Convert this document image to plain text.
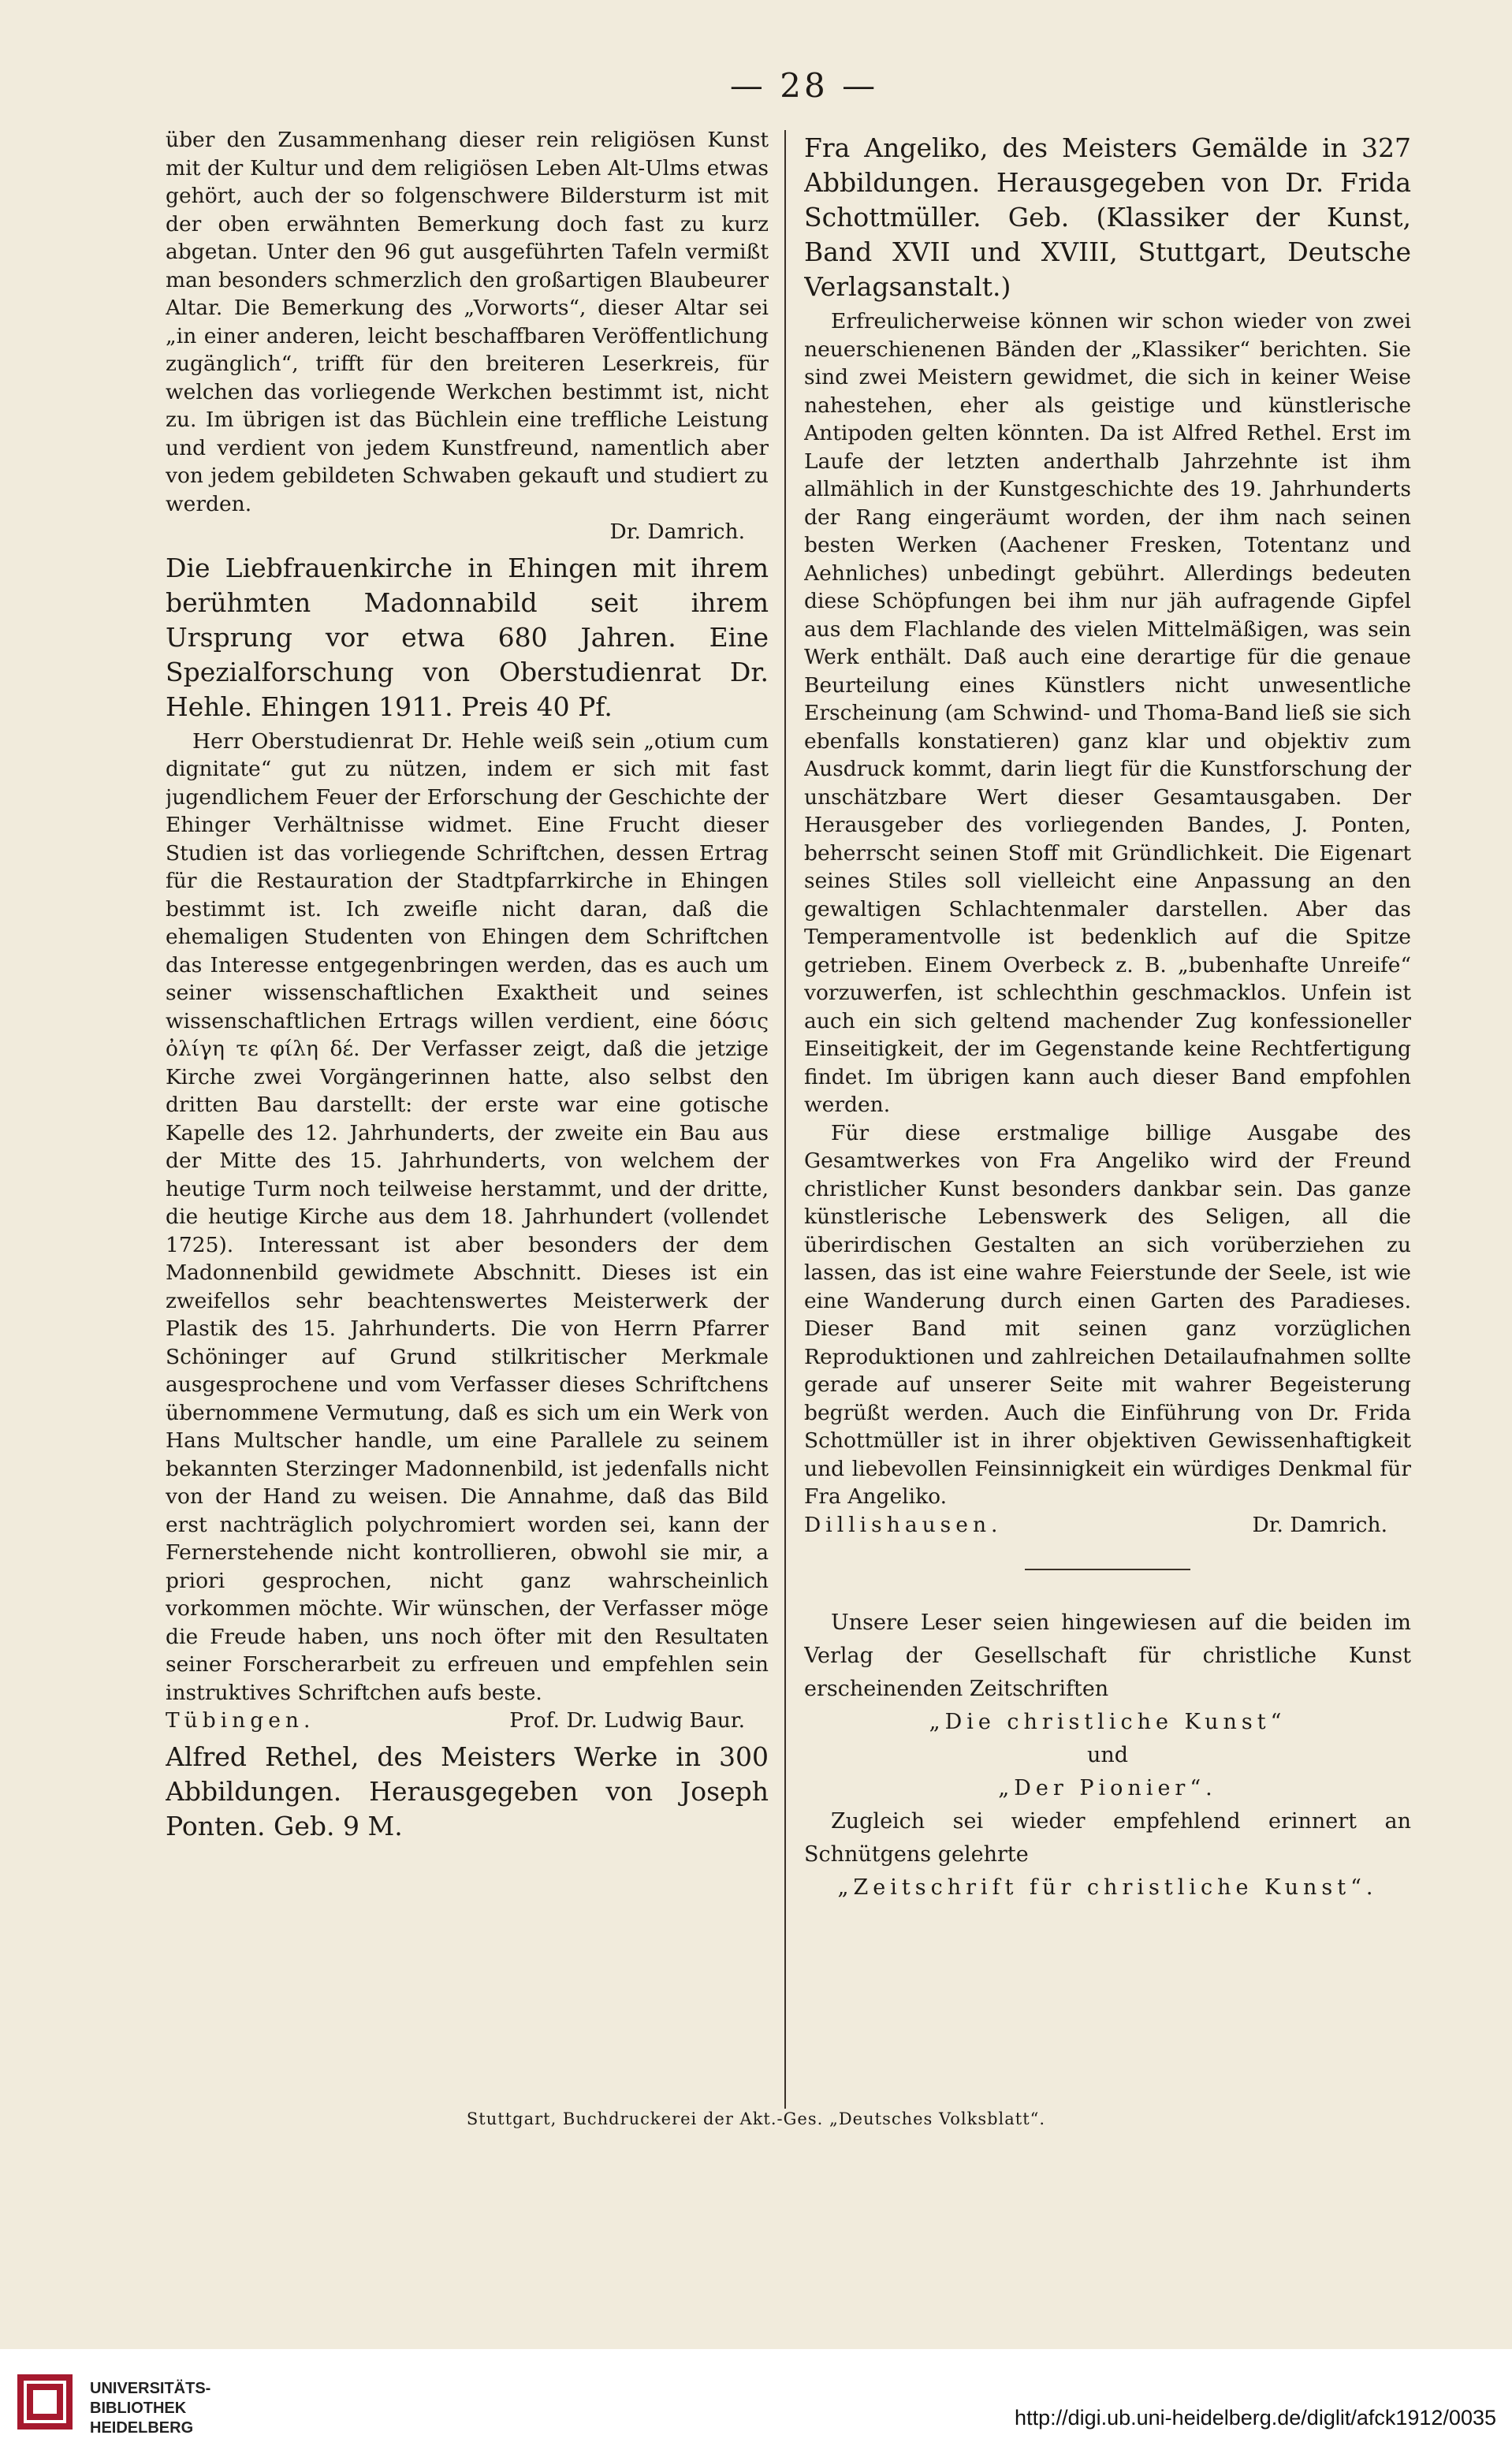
— 28 —

über den Zusammenhang dieser rein religiösen Kunst mit der Kultur und dem religiösen Leben Alt-Ulms etwas gehört, auch der so folgenschwere Bildersturm ist mit der oben erwähnten Bemerkung doch fast zu kurz abgetan. Unter den 96 gut ausgeführten Tafeln vermißt man besonders schmerzlich den großartigen Blaubeurer Altar. Die Bemerkung des „Vorworts“, dieser Altar sei „in einer anderen, leicht beschaffbaren Veröffentlichung zugänglich“, trifft für den breiteren Leserkreis, für welchen das vorliegende Werkchen bestimmt ist, nicht zu. Im übrigen ist das Büchlein eine treffliche Leistung und verdient von jedem Kunstfreund, namentlich aber von jedem gebildeten Schwaben gekauft und studiert zu werden.

Dr. Damrich.

Die Liebfrauenkirche in Ehingen mit ihrem berühmten Madonnabild seit ihrem Ursprung vor etwa 680 Jahren. Eine Spezialforschung von Oberstudienrat Dr. Hehle. Ehingen 1911. Preis 40 Pf.

Herr Oberstudienrat Dr. Hehle weiß sein „otium cum dignitate“ gut zu nützen, indem er sich mit fast jugendlichem Feuer der Erforschung der Geschichte der Ehinger Verhältnisse widmet. Eine Frucht dieser Studien ist das vorliegende Schriftchen, dessen Ertrag für die Restauration der Stadtpfarrkirche in Ehingen bestimmt ist. Ich zweifle nicht daran, daß die ehemaligen Studenten von Ehingen dem Schriftchen das Interesse entgegenbringen werden, das es auch um seiner wissenschaftlichen Exaktheit und seines wissenschaftlichen Ertrags willen verdient, eine δόσις ὀλίγη τε φίλη δέ. Der Verfasser zeigt, daß die jetzige Kirche zwei Vorgängerinnen hatte, also selbst den dritten Bau darstellt: der erste war eine gotische Kapelle des 12. Jahrhunderts, der zweite ein Bau aus der Mitte des 15. Jahrhunderts, von welchem der heutige Turm noch teilweise herstammt, und der dritte, die heutige Kirche aus dem 18. Jahrhundert (vollendet 1725). Interessant ist aber besonders der dem Madonnenbild gewidmete Abschnitt. Dieses ist ein zweifellos sehr beachtenswertes Meisterwerk der Plastik des 15. Jahrhunderts. Die von Herrn Pfarrer Schöninger auf Grund stilkritischer Merkmale ausgesprochene und vom Verfasser dieses Schriftchens übernommene Vermutung, daß es sich um ein Werk von Hans Multscher handle, um eine Parallele zu seinem bekannten Sterzinger Madonnenbild, ist jedenfalls nicht von der Hand zu weisen. Die Annahme, daß das Bild erst nachträglich polychromiert worden sei, kann der Fernerstehende nicht kontrollieren, obwohl sie mir, a priori gesprochen, nicht ganz wahrscheinlich vorkommen möchte. Wir wünschen, der Verfasser möge die Freude haben, uns noch öfter mit den Resultaten seiner Forscherarbeit zu erfreuen und empfehlen sein instruktives Schriftchen aufs beste.

Tübingen.	Prof. Dr. Ludwig Baur.

Alfred Rethel, des Meisters Werke in 300 Abbildungen. Herausgegeben von Joseph Ponten. Geb. 9 M.

Fra Angeliko, des Meisters Gemälde in 327 Abbildungen. Herausgegeben von Dr. Frida Schottmüller. Geb. (Klassiker der Kunst, Band XVII und XVIII, Stuttgart, Deutsche Verlagsanstalt.)

Erfreulicherweise können wir schon wieder von zwei neuerschienenen Bänden der „Klassiker“ berichten. Sie sind zwei Meistern gewidmet, die sich in keiner Weise nahestehen, eher als geistige und künstlerische Antipoden gelten könnten. Da ist Alfred Rethel. Erst im Laufe der letzten anderthalb Jahrzehnte ist ihm allmählich in der Kunstgeschichte des 19. Jahrhunderts der Rang eingeräumt worden, der ihm nach seinen besten Werken (Aachener Fresken, Totentanz und Aehnliches) unbedingt gebührt. Allerdings bedeuten diese Schöpfungen bei ihm nur jäh aufragende Gipfel aus dem Flachlande des vielen Mittelmäßigen, was sein Werk enthält. Daß auch eine derartige für die genaue Beurteilung eines Künstlers nicht unwesentliche Erscheinung (am Schwind- und Thoma-Band ließ sie sich ebenfalls konstatieren) ganz klar und objektiv zum Ausdruck kommt, darin liegt für die Kunstforschung der unschätzbare Wert dieser Gesamtausgaben. Der Herausgeber des vorliegenden Bandes, J. Ponten, beherrscht seinen Stoff mit Gründlichkeit. Die Eigenart seines Stiles soll vielleicht eine Anpassung an den gewaltigen Schlachtenmaler darstellen. Aber das Temperamentvolle ist bedenklich auf die Spitze getrieben. Einem Overbeck z. B. „bubenhafte Unreife“ vorzuwerfen, ist schlechthin geschmacklos. Unfein ist auch ein sich geltend machender Zug konfessioneller Einseitigkeit, der im Gegenstande keine Rechtfertigung findet. Im übrigen kann auch dieser Band empfohlen werden.

Für diese erstmalige billige Ausgabe des Gesamtwerkes von Fra Angeliko wird der Freund christlicher Kunst besonders dankbar sein. Das ganze künstlerische Lebenswerk des Seligen, all die überirdischen Gestalten an sich vorüberziehen zu lassen, das ist eine wahre Feierstunde der Seele, ist wie eine Wanderung durch einen Garten des Paradieses. Dieser Band mit seinen ganz vorzüglichen Reproduktionen und zahlreichen Detailaufnahmen sollte gerade auf unserer Seite mit wahrer Begeisterung begrüßt werden. Auch die Einführung von Dr. Frida Schottmüller ist in ihrer objektiven Gewissenhaftigkeit und liebevollen Feinsinnigkeit ein würdiges Denkmal für Fra Angeliko.

Dillishausen.	Dr. Damrich.

Unsere Leser seien hingewiesen auf die beiden im Verlag der Gesellschaft für christliche Kunst erscheinenden Zeitschriften

„Die christliche Kunst“

und

„Der Pionier“.

Zugleich sei wieder empfehlend erinnert an Schnütgens gelehrte

„Zeitschrift für christliche Kunst“.

Stuttgart, Buchdruckerei der Akt.-Ges. „Deutsches Volksblatt“.
UNIVERSITÄTS-
BIBLIOTHEK
HEIDELBERG	http://digi.ub.uni-heidelberg.de/diglit/afck1912/0035
